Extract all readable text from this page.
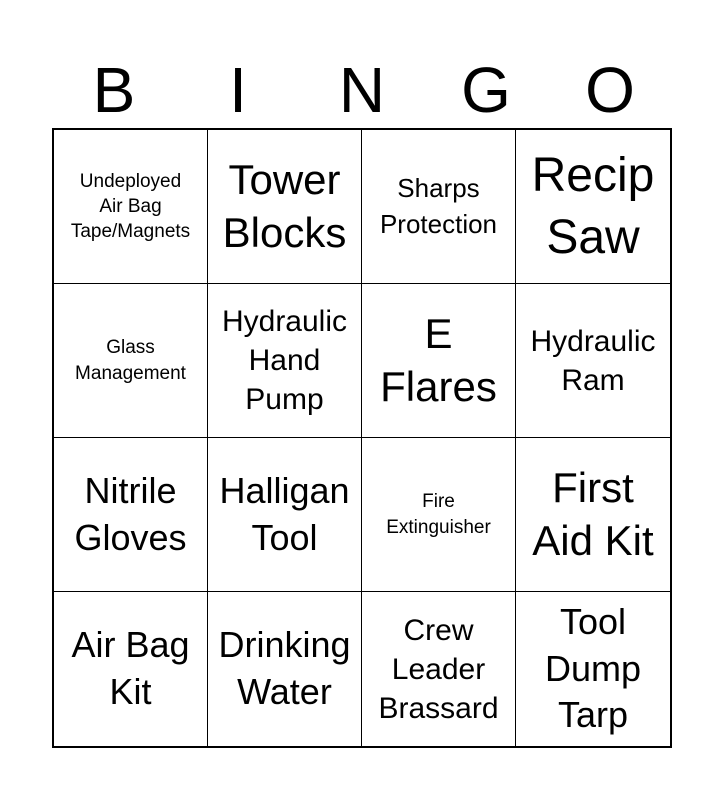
B	I	N	G	O
Undeployed
Air Bag
Tape/Magnets
Tower
Blocks
Sharps
Protection
Recip
Saw
Glass
Management
Hydraulic
Hand
Pump
E
Flares
Hydraulic
Ram
Nitrile
Gloves
Halligan
Tool
Fire
Extinguisher
First
Aid Kit
Air Bag
Kit
Drinking
Water
Crew
Leader
Brassard
Tool
Dump
Tarp
